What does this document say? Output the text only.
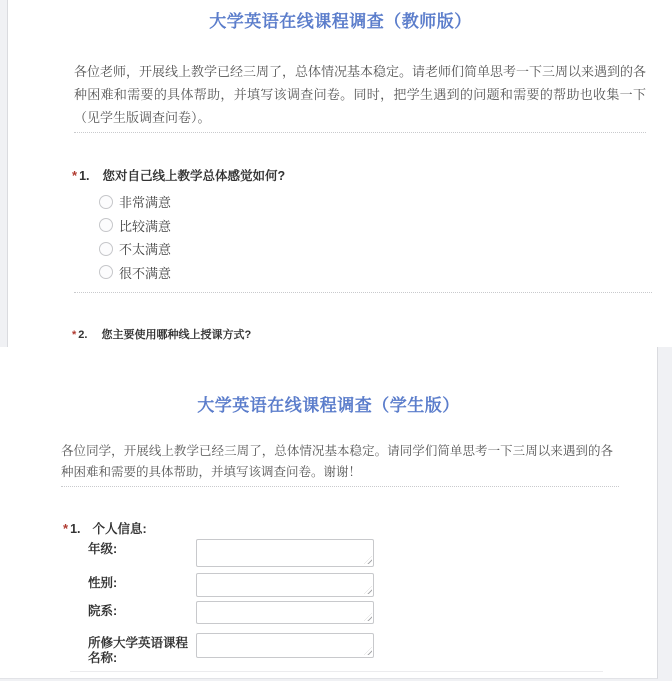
大学英语在线课程调查（教师版）

各位老师，开展线上教学已经三周了，总体情况基本稳定。请老师们简单思考一下三周以来遇到的各种困难和需要的具体帮助，并填写该调查问卷。同时，把学生遇到的问题和需要的帮助也收集一下（见学生版调查问卷）。

* 1. 您对自己线上教学总体感觉如何?
非常满意
比较满意
不太满意
很不满意
* 2. 您主要使用哪种线上授课方式?
大学英语在线课程调查（学生版）

各位同学，开展线上教学已经三周了，总体情况基本稳定。请同学们简单思考一下三周以来遇到的各种困难和需要的具体帮助，并填写该调查问卷。谢谢！

* 1. 个人信息:
年级:
性别:
院系:
所修大学英语课程名称:
